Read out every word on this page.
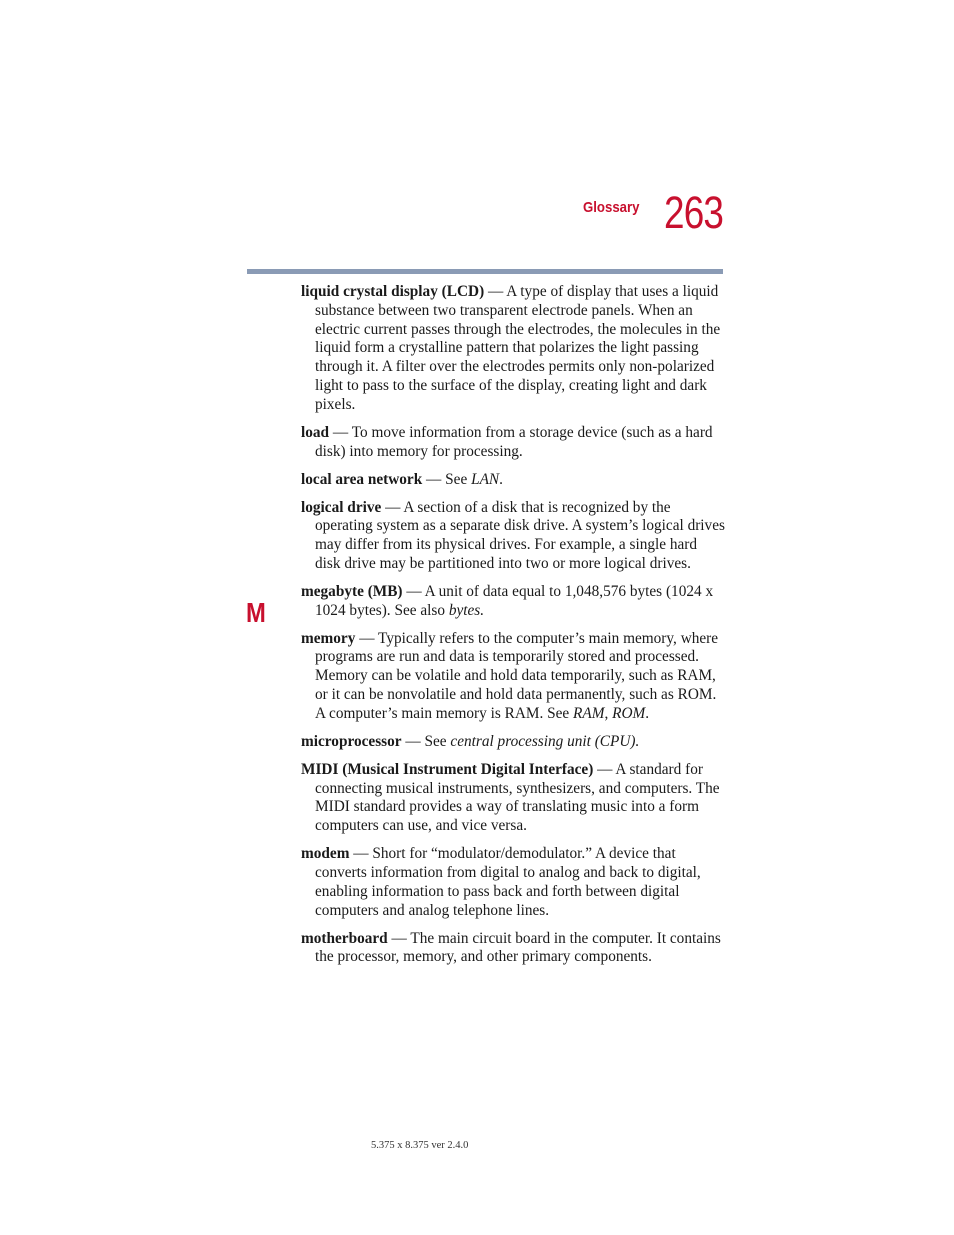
Glossary 263
M

liquid crystal display (LCD) — A type of display that uses a liquid substance between two transparent electrode panels. When an electric current passes through the electrodes, the molecules in the liquid form a crystalline pattern that polarizes the light passing through it. A filter over the electrodes permits only non-polarized light to pass to the surface of the display, creating light and dark pixels.

load — To move information from a storage device (such as a hard disk) into memory for processing.

local area network — See LAN.

logical drive — A section of a disk that is recognized by the operating system as a separate disk drive. A system’s logical drives may differ from its physical drives. For example, a single hard disk drive may be partitioned into two or more logical drives.

megabyte (MB) — A unit of data equal to 1,048,576 bytes (1024 x 1024 bytes). See also bytes.

memory — Typically refers to the computer’s main memory, where programs are run and data is temporarily stored and processed. Memory can be volatile and hold data temporarily, such as RAM, or it can be nonvolatile and hold data permanently, such as ROM. A computer’s main memory is RAM. See RAM, ROM.

microprocessor — See central processing unit (CPU).

MIDI (Musical Instrument Digital Interface) — A standard for connecting musical instruments, synthesizers, and computers. The MIDI standard provides a way of translating music into a form computers can use, and vice versa.

modem — Short for “modulator/demodulator.” A device that converts information from digital to analog and back to digital, enabling information to pass back and forth between digital computers and analog telephone lines.

motherboard — The main circuit board in the computer. It contains the processor, memory, and other primary components.

5.375 x 8.375 ver 2.4.0
